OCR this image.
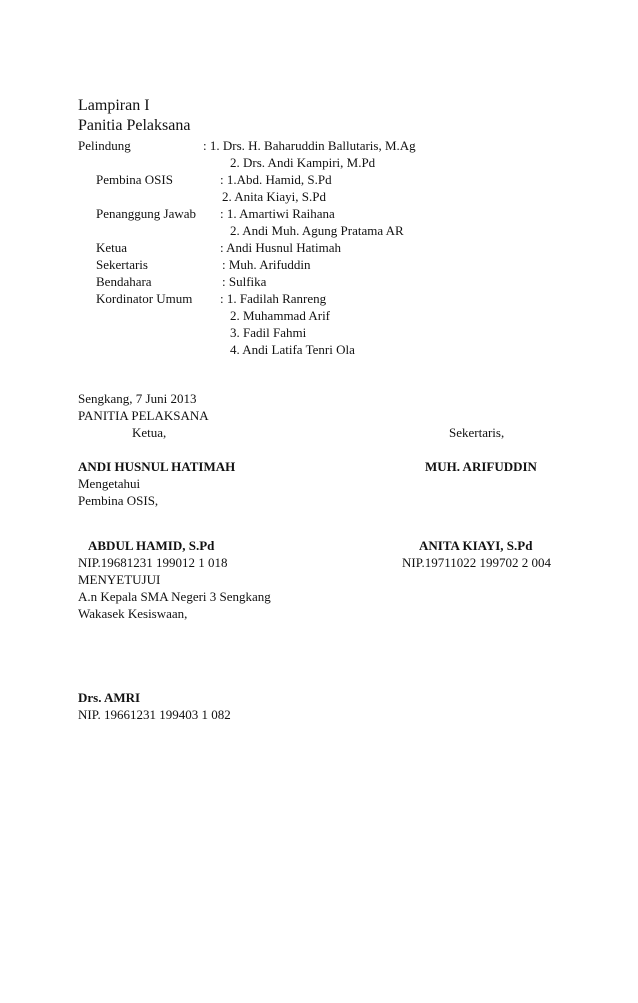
Lampiran I
Panitia Pelaksana
Pelindung	: 1. Drs. H. Baharuddin Ballutaris, M.Ag
2. Drs. Andi Kampiri, M.Pd
Pembina OSIS	: 1.Abd. Hamid, S.Pd
2. Anita Kiayi, S.Pd
Penanggung Jawab : 1. Amartiwi Raihana
2. Andi Muh. Agung Pratama AR
Ketua	: Andi Husnul Hatimah
Sekertaris	: Muh. Arifuddin
Bendahara	: Sulfika
Kordinator Umum : 1. Fadilah Ranreng
2. Muhammad Arif
3. Fadil Fahmi
4. Andi Latifa Tenri Ola
Sengkang, 7 Juni 2013
PANITIA PELAKSANA
Ketua,	Sekertaris,
ANDI HUSNUL HATIMAH	MUH. ARIFUDDIN
Mengetahui
Pembina OSIS,
ABDUL HAMID, S.Pd	ANITA KIAYI, S.Pd
NIP.19681231 199012 1 018	NIP.19711022 199702 2 004
MENYETUJUI
A.n Kepala SMA Negeri 3 Sengkang
Wakasek Kesiswaan,
Drs. AMRI
NIP. 19661231 199403 1 082
